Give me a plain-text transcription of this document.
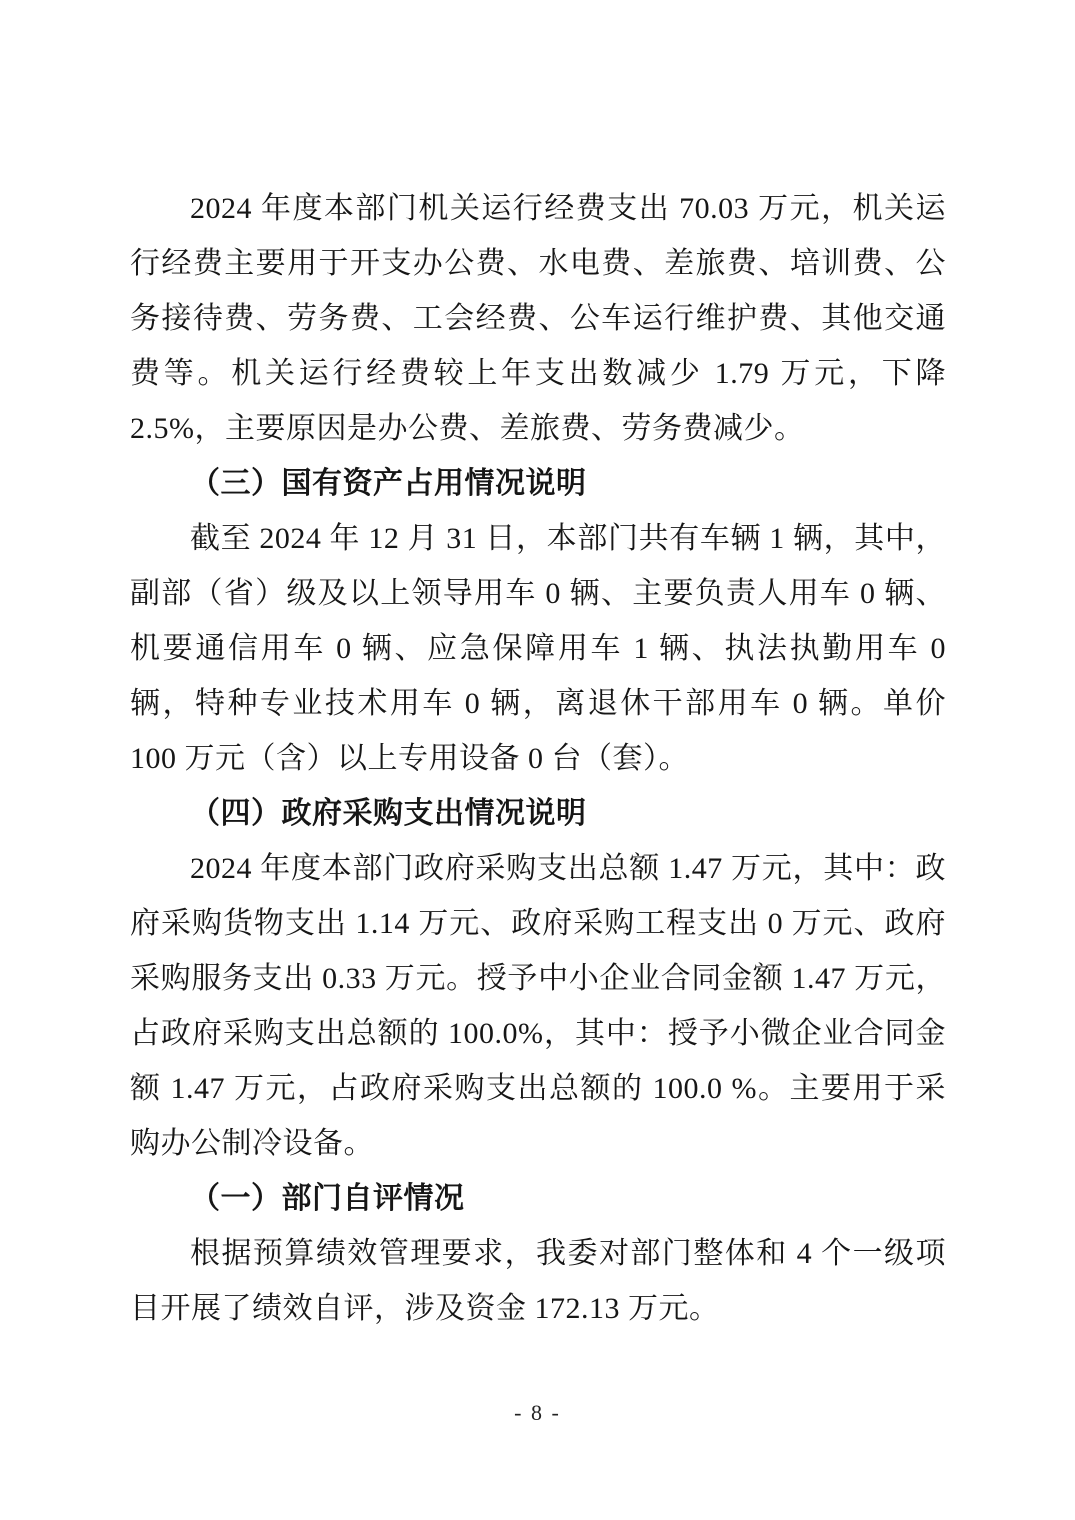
2024 年度本部门机关运行经费支出 70.03 万元，机关运行经费主要用于开支办公费、水电费、差旅费、培训费、公务接待费、劳务费、工会经费、公车运行维护费、其他交通费等。机关运行经费较上年支出数减少 1.79 万元，下降 2.5%，主要原因是办公费、差旅费、劳务费减少。

（三）国有资产占用情况说明

截至 2024 年 12 月 31 日，本部门共有车辆 1 辆，其中，副部（省）级及以上领导用车 0 辆、主要负责人用车 0 辆、机要通信用车 0 辆、应急保障用车 1 辆、执法执勤用车 0 辆，特种专业技术用车 0 辆，离退休干部用车 0 辆。单价 100 万元（含）以上专用设备 0 台（套）。

（四）政府采购支出情况说明

2024 年度本部门政府采购支出总额 1.47 万元，其中：政府采购货物支出 1.14 万元、政府采购工程支出 0 万元、政府采购服务支出 0.33 万元。授予中小企业合同金额 1.47 万元，占政府采购支出总额的 100.0%，其中：授予小微企业合同金额 1.47 万元，占政府采购支出总额的 100.0 %。主要用于采购办公制冷设备。

（一）部门自评情况

根据预算绩效管理要求，我委对部门整体和 4 个一级项目开展了绩效自评，涉及资金 172.13 万元。

- 8 -
